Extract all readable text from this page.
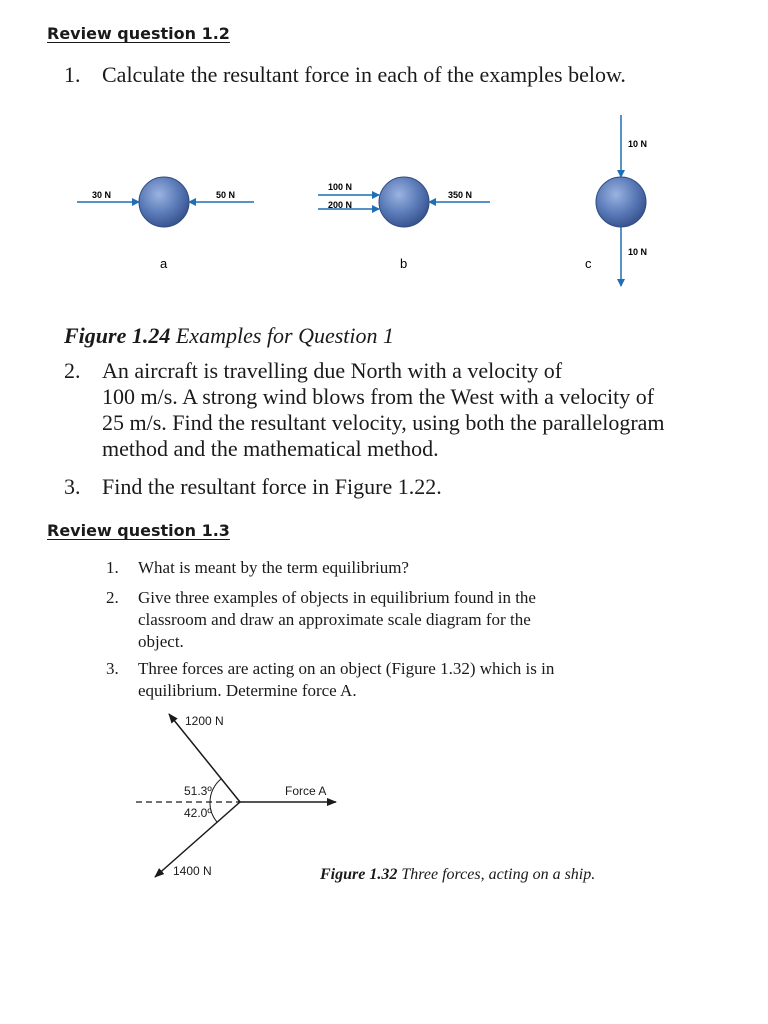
Review question 1.2
1. Calculate the resultant force in each of the examples below.
30 N	50 N
a
100 N
200 N
350 N
b
10 N
10 N
c
Figure 1.24 Examples for Question 1
2. An aircraft is travelling due North with a velocity of
100 m/s. A strong wind blows from the West with a velocity of
25 m/s. Find the resultant velocity, using both the parallelogram
method and the mathematical method.
3. Find the resultant force in Figure 1.22.
Review question 1.3
1. What is meant by the term equilibrium?
2. Give three examples of objects in equilibrium found in the
classroom and draw an approximate scale diagram for the
object.
3. Three forces are acting on an object (Figure 1.32) which is in
equilibrium. Determine force A.
1200 N
51.3º
42.0º
Force A
1400 N	Figure 1.32 Three forces, acting on a ship.
